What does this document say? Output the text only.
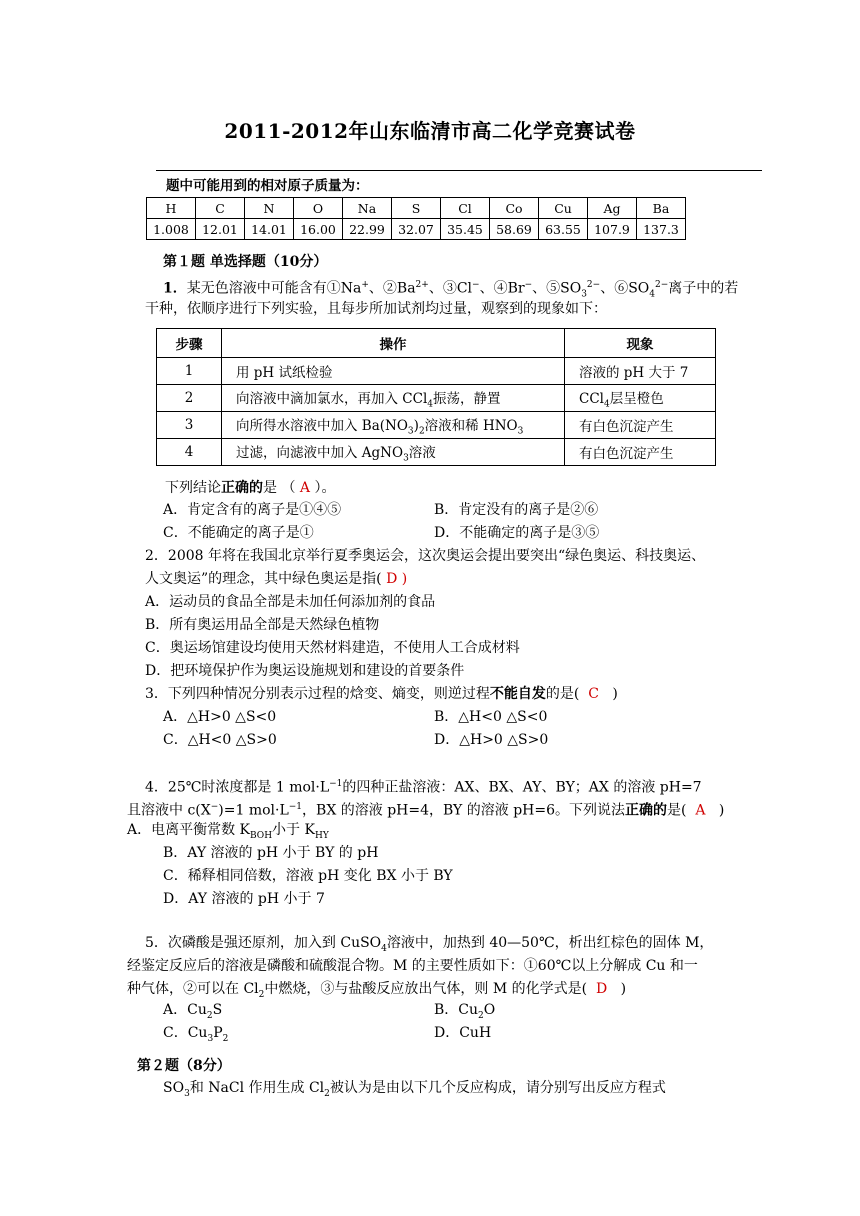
2011-2012年山东临清市高二化学竞赛试卷
题中可能用到的相对原子质量为：
H	C	N	O	Na	S	Cl	Co	Cu	Ag	Ba
1.008	12.01	14.01	16.00	22.99	32.07	35.45	58.69	63.55	107.9	137.3
第１题 单选择题（10分）
1．某无色溶液中可能含有①Na+、$②Ba^{2+}$、③Cl−、④Br−、$⑤SO_3^{2-}$、$⑥SO_4^{2-}$离子中的若
干种，依顺序进行下列实验，且每步所加试剂均过量，观察到的现象如下：
步骤	操作	现象
1	用 pH 试纸检验	溶液的 pH 大于 7
2	向溶液中滴加氯水，再加入 CCl$_4$振荡，静置	CCl$_4$层呈橙色
3	向所得水溶液中加入 $Ba(NO_3)_2$溶液和稀 $HNO_3$	有白色沉淀产生
4	过滤，向滤液中加入 AgNO$_3$溶液	有白色沉淀产生
下列结论正确的是 （ A ）。
A．肯定含有的离子是①④⑤	B．肯定没有的离子是②⑥
C．不能确定的离子是①	D．不能确定的离子是③⑤
2．2008 年将在我国北京举行夏季奥运会，这次奥运会提出要突出“绿色奥运、科技奥运、
人文奥运”的理念，其中绿色奥运是指( D )
A．运动员的食品全部是未加任何添加剂的食品
B．所有奥运用品全部是天然绿色植物
C．奥运场馆建设均使用天然材料建造，不使用人工合成材料
D．把环境保护作为奥运设施规划和建设的首要条件
3．下列四种情况分别表示过程的焓变、熵变，则逆过程不能自发的是( C )
A．△H>0 △S<0	B．△H<0 △S<0
C．△H<0 △S>0	D．△H>0 △S>0
4．25℃时浓度都是 1 $mol\cdot L^{-1}$的四种正盐溶液：AX、BX、AY、BY；AX 的溶液 pH=7
且溶液中 c(X−)=1 $mol\cdot L^{-1}$，BX 的溶液 pH=4，BY 的溶液 pH=6。下列说法正确的是( A )
A．电离平衡常数 $K_{BOH}$小于 $K_{HY}$
B．AY 溶液的 pH 小于 BY 的 pH
C．稀释相同倍数，溶液 pH 变化 BX 小于 BY
D．AY 溶液的 pH 小于 7
5．次磷酸是强还原剂，加入到 CuSO$_4$溶液中，加热到 40—50℃，析出红棕色的固体 M，
经鉴定反应后的溶液是磷酸和硫酸混合物。M 的主要性质如下：①60℃以上分解成 Cu 和一
种气体，②可以在 $Cl_2$中燃烧，③与盐酸反应放出气体，则 M 的化学式是( D )
A．$Cu_2S$	B．$Cu_2O$
C．$Cu_3P_2$	D．CuH
第２题（8分）
$SO_3$和 NaCl 作用生成 $Cl_2$被认为是由以下几个反应构成，请分别写出反应方程式
